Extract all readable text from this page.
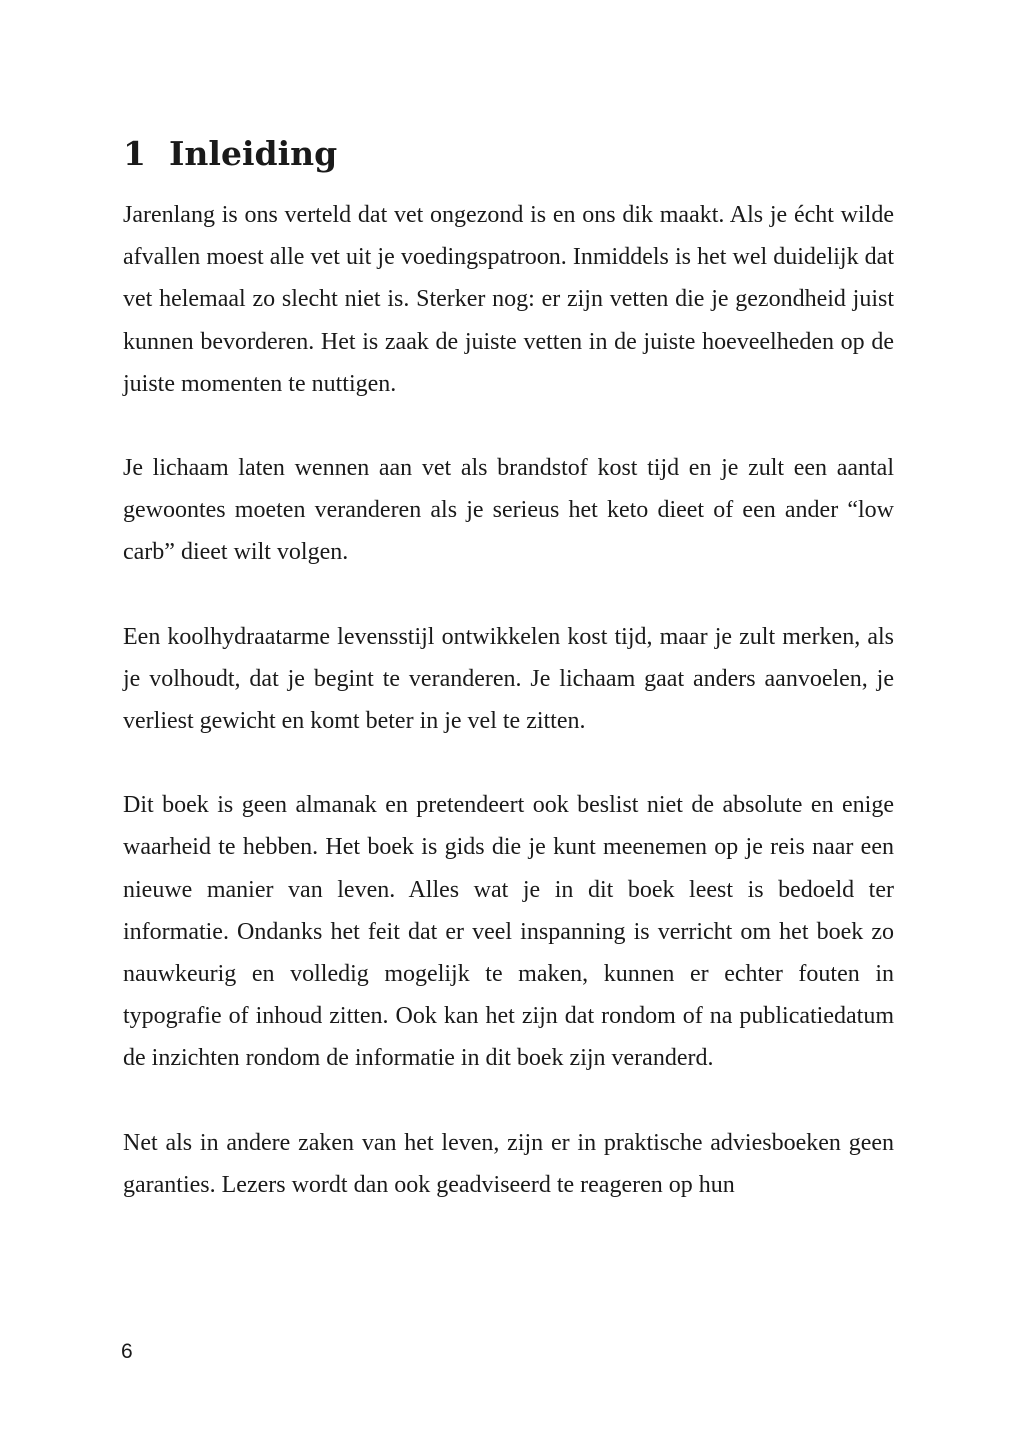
1 Inleiding

Jarenlang is ons verteld dat vet ongezond is en ons dik maakt. Als je écht wilde afvallen moest alle vet uit je voedingspatroon. Inmiddels is het wel duidelijk dat vet helemaal zo slecht niet is. Sterker nog: er zijn vetten die je gezondheid juist kunnen bevorderen. Het is zaak de juiste vetten in de juiste hoeveelheden op de juiste momenten te nuttigen.

Je lichaam laten wennen aan vet als brandstof kost tijd en je zult een aantal gewoontes moeten veranderen als je serieus het keto dieet of een ander “low carb” dieet wilt volgen.

Een koolhydraatarme levensstijl ontwikkelen kost tijd, maar je zult merken, als je volhoudt, dat je begint te veranderen. Je lichaam gaat anders aanvoelen, je verliest gewicht en komt beter in je vel te zitten.

Dit boek is geen almanak en pretendeert ook beslist niet de absolute en enige waarheid te hebben. Het boek is gids die je kunt meenemen op je reis naar een nieuwe manier van leven. Alles wat je in dit boek leest is bedoeld ter informatie. Ondanks het feit dat er veel inspanning is verricht om het boek zo nauwkeurig en volledig mogelijk te maken, kunnen er echter fouten in typografie of inhoud zitten. Ook kan het zijn dat rondom of na publicatiedatum de inzichten rondom de informatie in dit boek zijn veranderd.

Net als in andere zaken van het leven, zijn er in praktische adviesboeken geen garanties. Lezers wordt dan ook geadviseerd te reageren op hun

6
